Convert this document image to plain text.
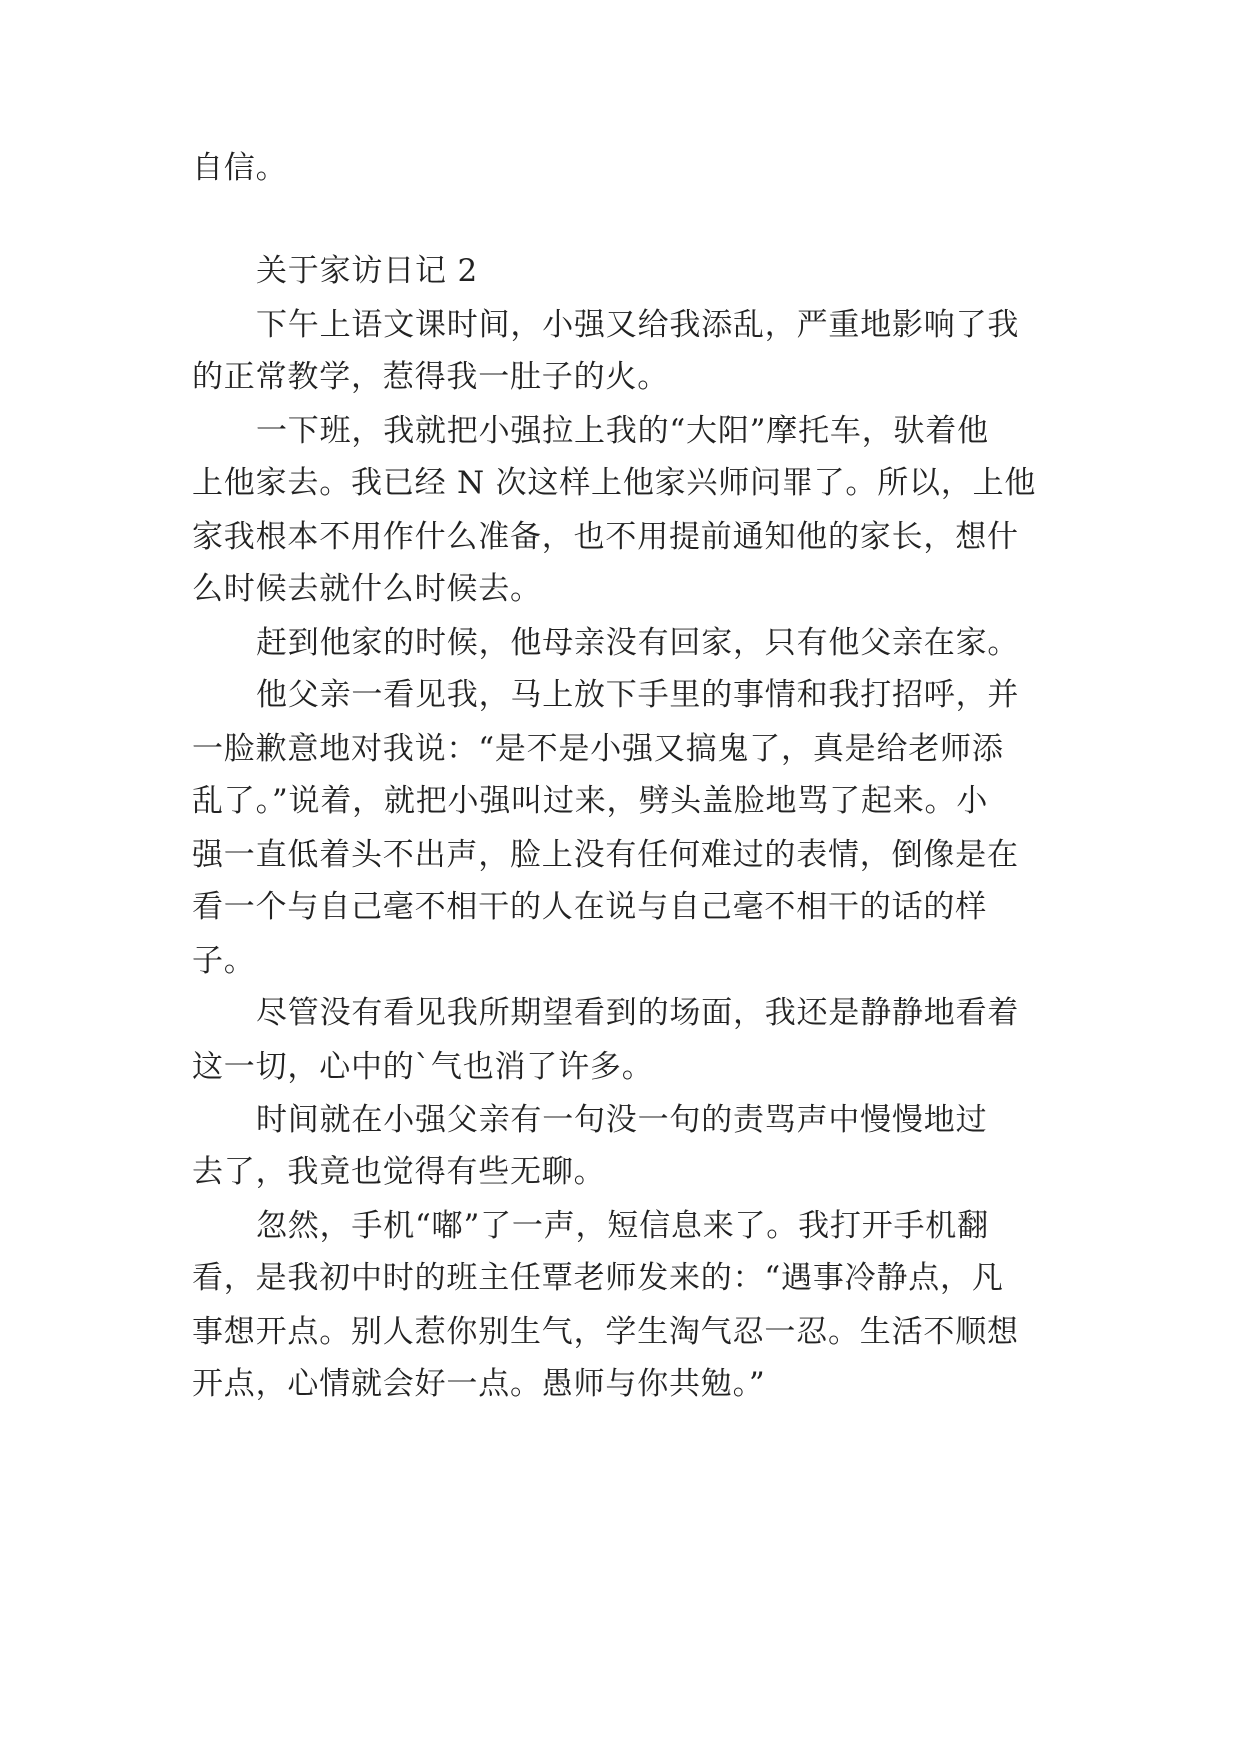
自信。
关于家访日记 2
下午上语文课时间，小强又给我添乱，严重地影响了我
的正常教学，惹得我一肚子的火。
一下班，我就把小强拉上我的“大阳”摩托车，驮着他
上他家去。我已经 N 次这样上他家兴师问罪了。所以，上他
家我根本不用作什么准备，也不用提前通知他的家长，想什
么时候去就什么时候去。
赶到他家的时候，他母亲没有回家，只有他父亲在家。
他父亲一看见我，马上放下手里的事情和我打招呼，并
一脸歉意地对我说：“是不是小强又搞鬼了，真是给老师添
乱了。”说着，就把小强叫过来，劈头盖脸地骂了起来。小
强一直低着头不出声，脸上没有任何难过的表情，倒像是在
看一个与自己毫不相干的人在说与自己毫不相干的话的样
子。
尽管没有看见我所期望看到的场面，我还是静静地看着
这一切，心中的`气也消了许多。
时间就在小强父亲有一句没一句的责骂声中慢慢地过
去了，我竟也觉得有些无聊。
忽然，手机“嘟”了一声，短信息来了。我打开手机翻
看，是我初中时的班主任覃老师发来的：“遇事冷静点，凡
事想开点。别人惹你别生气，学生淘气忍一忍。生活不顺想
开点，心情就会好一点。愚师与你共勉。”
